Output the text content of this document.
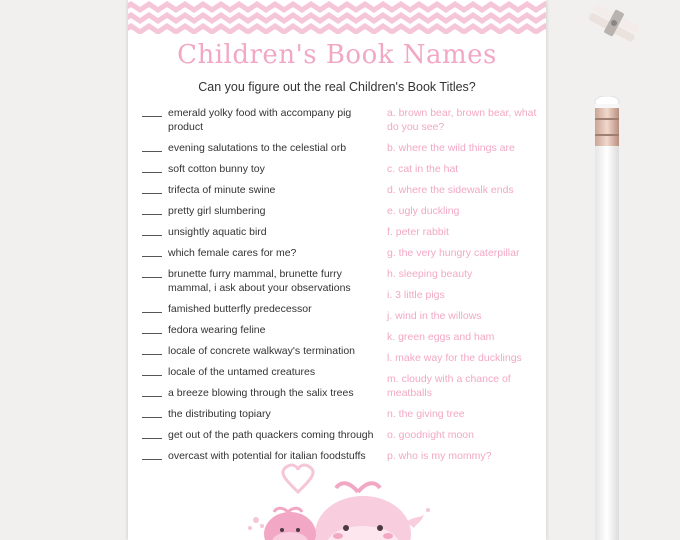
Children's Book Names
Can you figure out the real Children's Book Titles?
emerald yolky food with accompany pig product
evening salutations to the celestial orb
soft cotton bunny toy
trifecta of minute swine
pretty girl slumbering
unsightly aquatic bird
which female cares for me?
brunette furry mammal, brunette furry mammal, i ask about your observations
famished butterfly predecessor
fedora wearing feline
locale of concrete walkway's termination
locale of the untamed creatures
a breeze blowing through the salix trees
the distributing topiary
get out of the path quackers coming through
overcast with potential for italian foodstuffs
a. brown bear, brown bear, what do you see?
b. where the wild things are
c. cat in the hat
d. where the sidewalk ends
e. ugly duckling
f. peter rabbit
g. the very hungry caterpillar
h. sleeping beauty
i. 3 little pigs
j. wind in the willows
k. green eggs and ham
l. make way for the ducklings
m. cloudy with a chance of meatballs
n. the giving tree
o. goodnight moon
p. who is my mommy?
